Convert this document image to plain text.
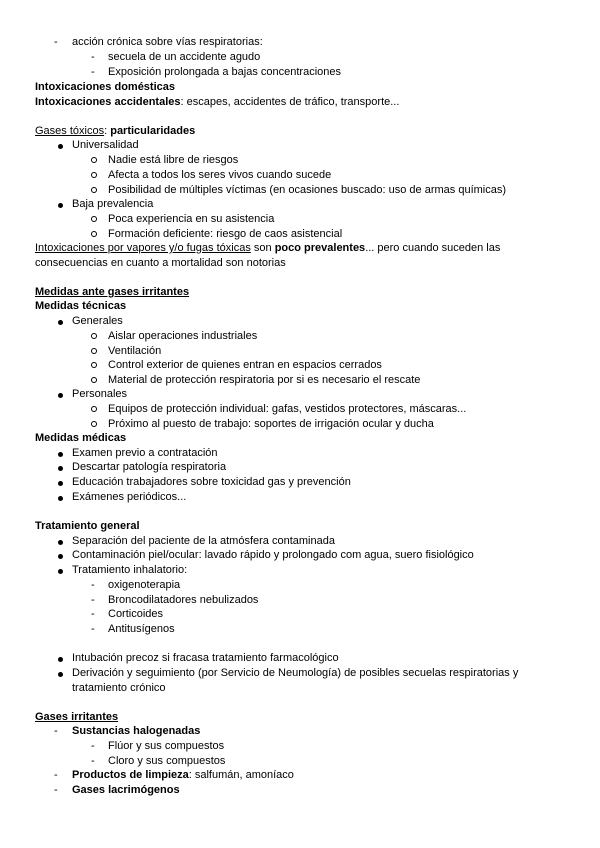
- acción crónica sobre vías respiratorias:
- secuela de un accidente agudo
- Exposición prolongada a bajas concentraciones
Intoxicaciones domésticas
Intoxicaciones accidentales: escapes, accidentes de tráfico, transporte...
Gases tóxicos: particularidades
Universalidad
Nadie está libre de riesgos
Afecta a todos los seres vivos cuando sucede
Posibilidad de múltiples víctimas (en ocasiones buscado: uso de armas químicas)
Baja prevalencia
Poca experiencia en su asistencia
Formación deficiente: riesgo de caos asistencial
Intoxicaciones por vapores y/o fugas tóxicas son poco prevalentes... pero cuando suceden las
consecuencias en cuanto a mortalidad son notorias
Medidas ante gases irritantes
Medidas técnicas
Generales
Aislar operaciones industriales
Ventilación
Control exterior de quienes entran en espacios cerrados
Material de protección respiratoria por si es necesario el rescate
Personales
Equipos de protección individual: gafas, vestidos protectores, máscaras...
Próximo al puesto de trabajo: soportes de irrigación ocular y ducha
Medidas médicas
Examen previo a contratación
Descartar patología respiratoria
Educación trabajadores sobre toxicidad gas y prevención
Exámenes periódicos...
Tratamiento general
Separación del paciente de la atmósfera contaminada
Contaminación piel/ocular: lavado rápido y prolongado com agua, suero fisiológico
Tratamiento inhalatorio:
- oxigenoterapia
- Broncodilatadores nebulizados
- Corticoides
- Antitusígenos
Intubación precoz si fracasa tratamiento farmacológico
Derivación y seguimiento (por Servicio de Neumología) de posibles secuelas respiratorias y
tratamiento crónico
Gases irritantes
- Sustancias halogenadas
- Flúor y sus compuestos
- Cloro y sus compuestos
- Productos de limpieza: salfumán, amoníaco
- Gases lacrimógenos
